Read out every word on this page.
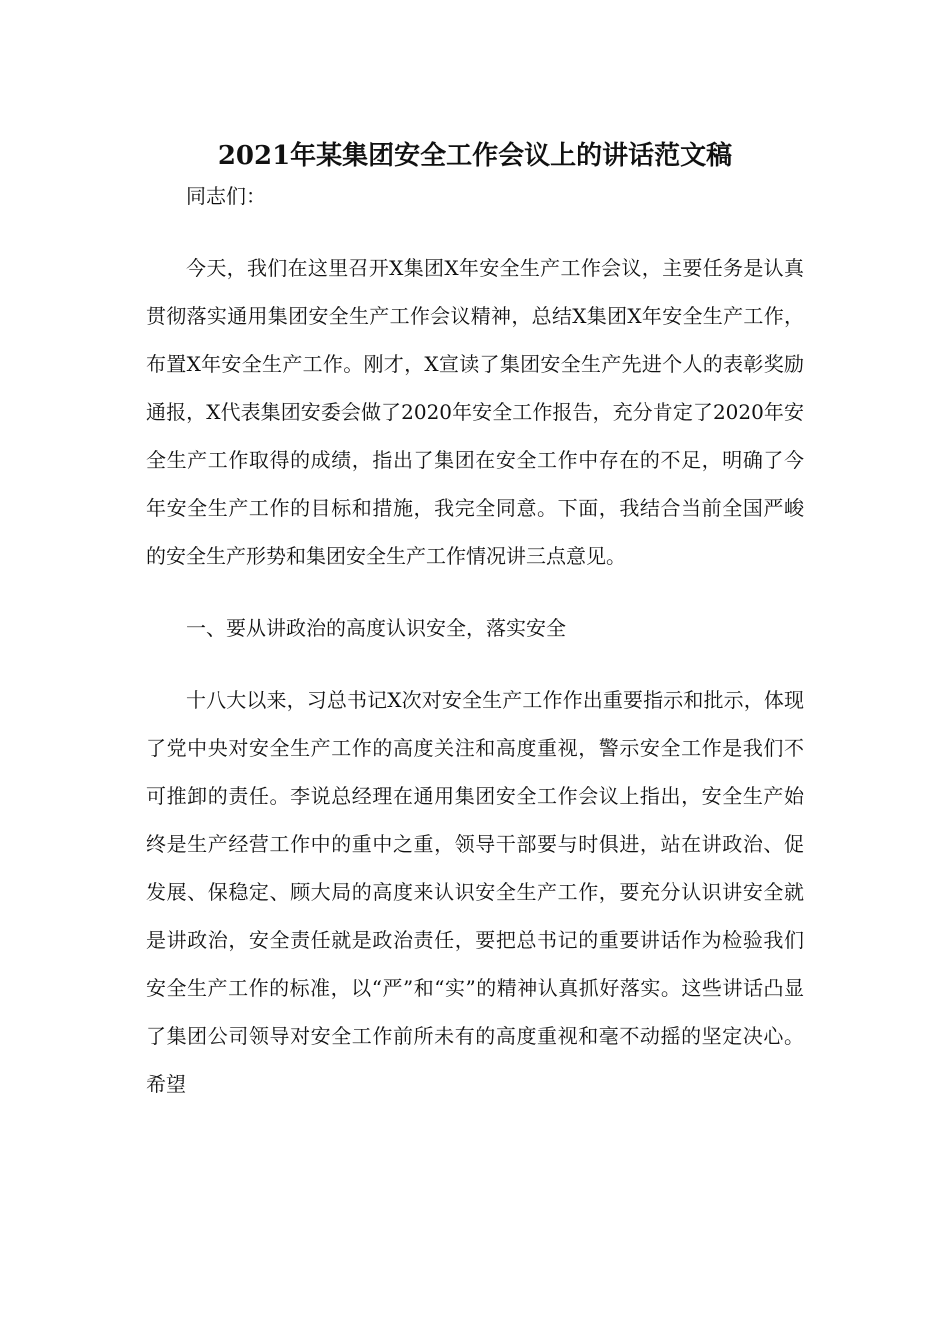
2021年某集团安全工作会议上的讲话范文稿

同志们：

今天，我们在这里召开X集团X年安全生产工作会议，主要任务是认真贯彻落实通用集团安全生产工作会议精神，总结X集团X年安全生产工作，布置X年安全生产工作。刚才，X宣读了集团安全生产先进个人的表彰奖励通报，X代表集团安委会做了2020年安全工作报告，充分肯定了2020年安全生产工作取得的成绩，指出了集团在安全工作中存在的不足，明确了今年安全生产工作的目标和措施，我完全同意。下面，我结合当前全国严峻的安全生产形势和集团安全生产工作情况讲三点意见。

一、要从讲政治的高度认识安全，落实安全

十八大以来，习总书记X次对安全生产工作作出重要指示和批示，体现了党中央对安全生产工作的高度关注和高度重视，警示安全工作是我们不可推卸的责任。李说总经理在通用集团安全工作会议上指出，安全生产始终是生产经营工作中的重中之重，领导干部要与时俱进，站在讲政治、促发展、保稳定、顾大局的高度来认识安全生产工作，要充分认识讲安全就是讲政治，安全责任就是政治责任，要把总书记的重要讲话作为检验我们安全生产工作的标准，以“严”和“实”的精神认真抓好落实。这些讲话凸显了集团公司领导对安全工作前所未有的高度重视和毫不动摇的坚定决心。希望
